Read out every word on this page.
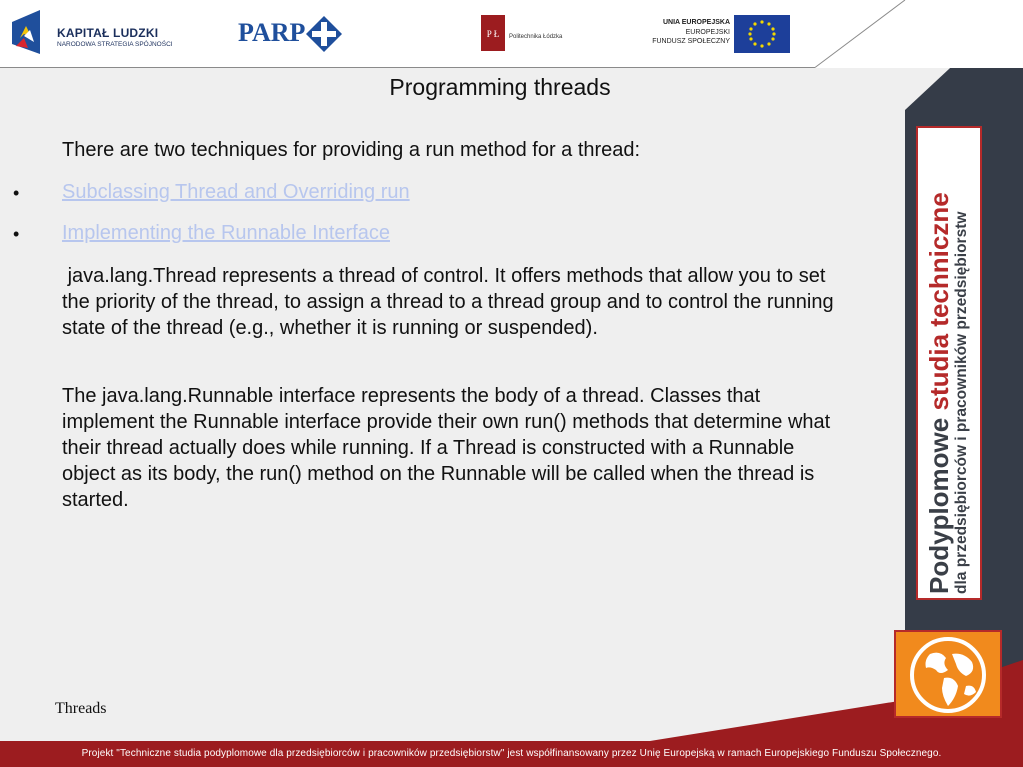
KAPITAŁ LUDZKI
NARODOWA STRATEGIA SPÓJNOŚCI	PARP	P Ł Politechnika Łódzka
UNIA EUROPEJSKA
EUROPEJSKI
FUNDUSZ SPOŁECZNY
Programming threads
There are two techniques for providing a run method for a thread:
• Subclassing Thread and Overriding run
• Implementing the Runnable Interface
java.lang.Thread represents a thread of control. It offers methods that allow you to set the priority of the thread, to assign a thread to a thread group and to control the running state of the thread (e.g., whether it is running or suspended).
The java.lang.Runnable interface represents the body of a thread. Classes that implement the Runnable interface provide their own run() methods that determine what their thread actually does while running. If a Thread is constructed with a Runnable object as its body, the run() method on the Runnable will be called when the thread is started.
Threads
Podyplomowe studia techniczne dla przedsiębiorców i pracowników przedsiębiorstw
Projekt "Techniczne studia podyplomowe dla przedsiębiorców i pracowników przedsiębiorstw" jest współfinansowany przez Unię Europejską w ramach Europejskiego Funduszu Społecznego.
